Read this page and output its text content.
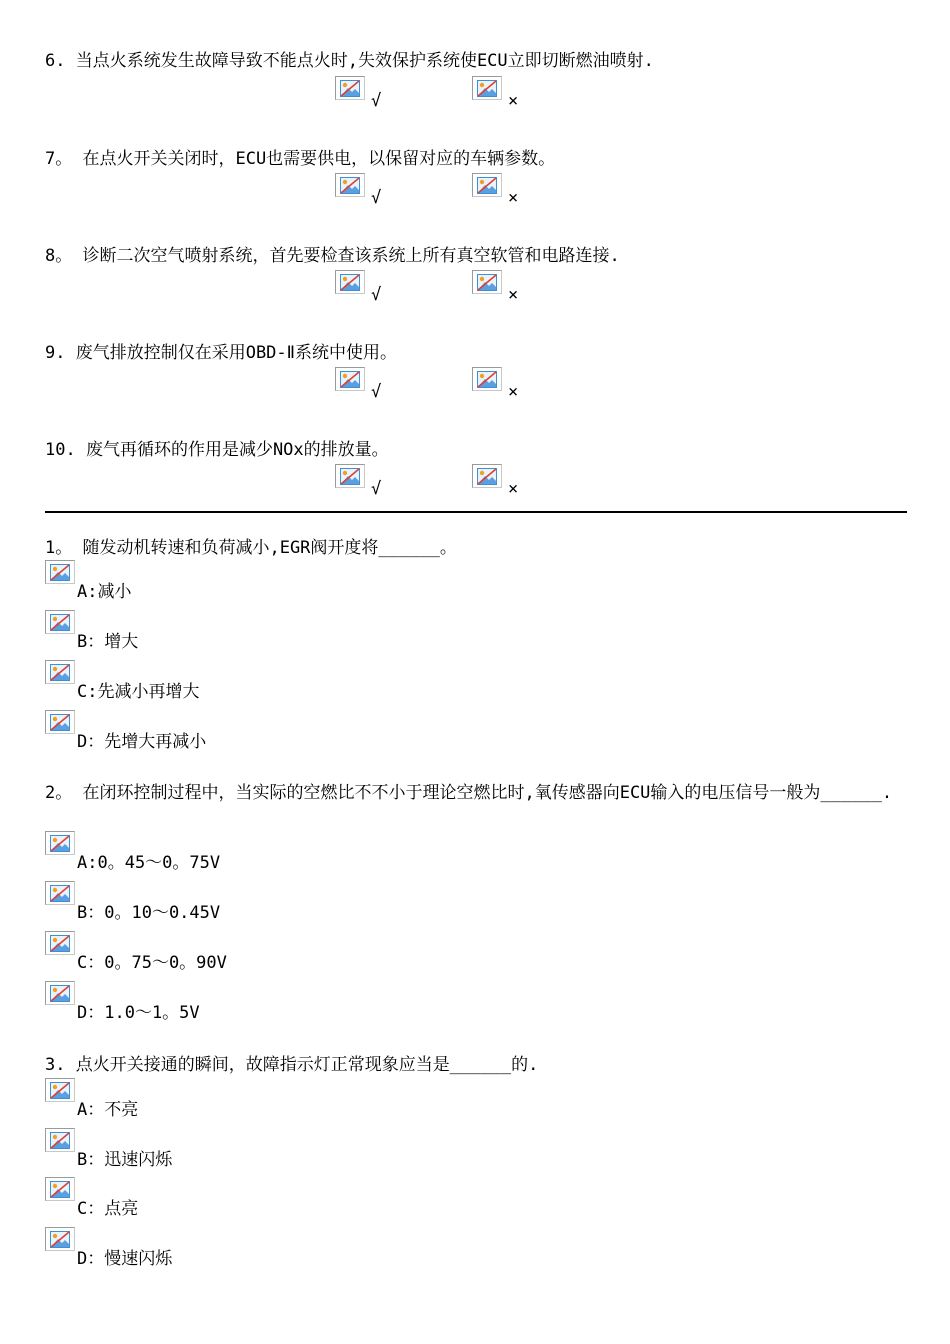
6. 当点火系统发生故障导致不能点火时,失效保护系统使ECU立即切断燃油喷射.
√	×
7。 在点火开关关闭时，ECU也需要供电，以保留对应的车辆参数。
√	×
8。 诊断二次空气喷射系统，首先要检查该系统上所有真空软管和电路连接.
√	×
9. 废气排放控制仅在采用OBD-Ⅱ系统中使用。
√	×
10. 废气再循环的作用是减少NOx的排放量。
√	×
1。 随发动机转速和负荷减小,EGR阀开度将______。
A:减小
B：增大
C:先减小再增大
D：先增大再减小
2。 在闭环控制过程中，当实际的空燃比不不小于理论空燃比时,氧传感器向ECU输入的电压信号一般为______.
A:0。45～0。75V
B：0。10～0.45V
C：0。75～0。90V
D：1.0～1。5V
3. 点火开关接通的瞬间，故障指示灯正常现象应当是______的.
A：不亮
B：迅速闪烁
C：点亮
D：慢速闪烁
